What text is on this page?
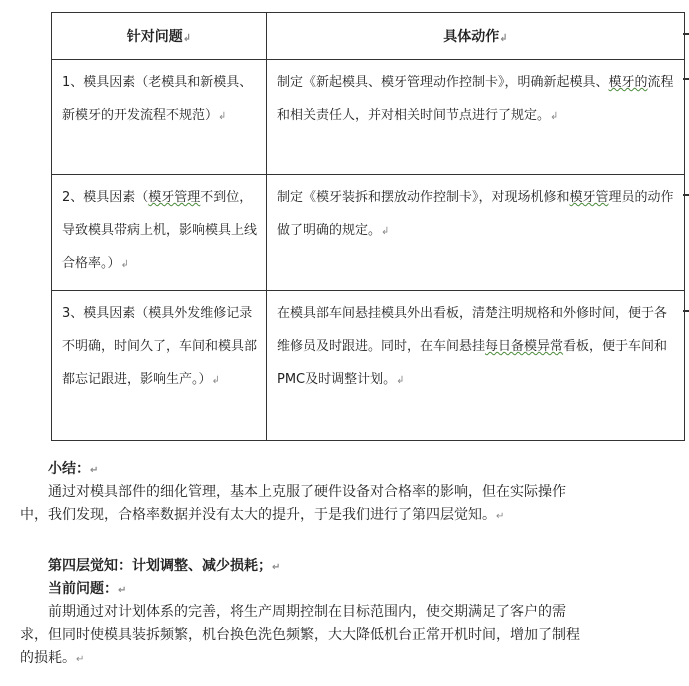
针对问题↲	具体动作↲

1、模具因素（老模具和新模具、新模牙的开发流程不规范）↲	制定《新起模具、模牙管理动作控制卡》，明确新起模具、模牙的流程和相关责任人，并对相关时间节点进行了规定。↲

2、模具因素（模牙管理不到位，导致模具带病上机，影响模具上线合格率。）↲	制定《模牙装拆和摆放动作控制卡》，对现场机修和模牙管理员的动作做了明确的规定。↲

3、模具因素（模具外发维修记录不明确，时间久了，车间和模具部都忘记跟进，影响生产。）↲	在模具部车间悬挂模具外出看板，清楚注明规格和外修时间，便于各维修员及时跟进。同时，在车间悬挂每日备模异常看板，便于车间和PMC及时调整计划。↲
小结：↵
通过对模具部件的细化管理，基本上克服了硬件设备对合格率的影响，但在实际操作中，我们发现，合格率数据并没有太大的提升，于是我们进行了第四层觉知。↵
第四层觉知：计划调整、减少损耗；↵
当前问题：↵
前期通过对计划体系的完善，将生产周期控制在目标范围内，使交期满足了客户的需求，但同时使模具装拆频繁，机台换色洗色频繁，大大降低机台正常开机时间，增加了制程的损耗。↵
